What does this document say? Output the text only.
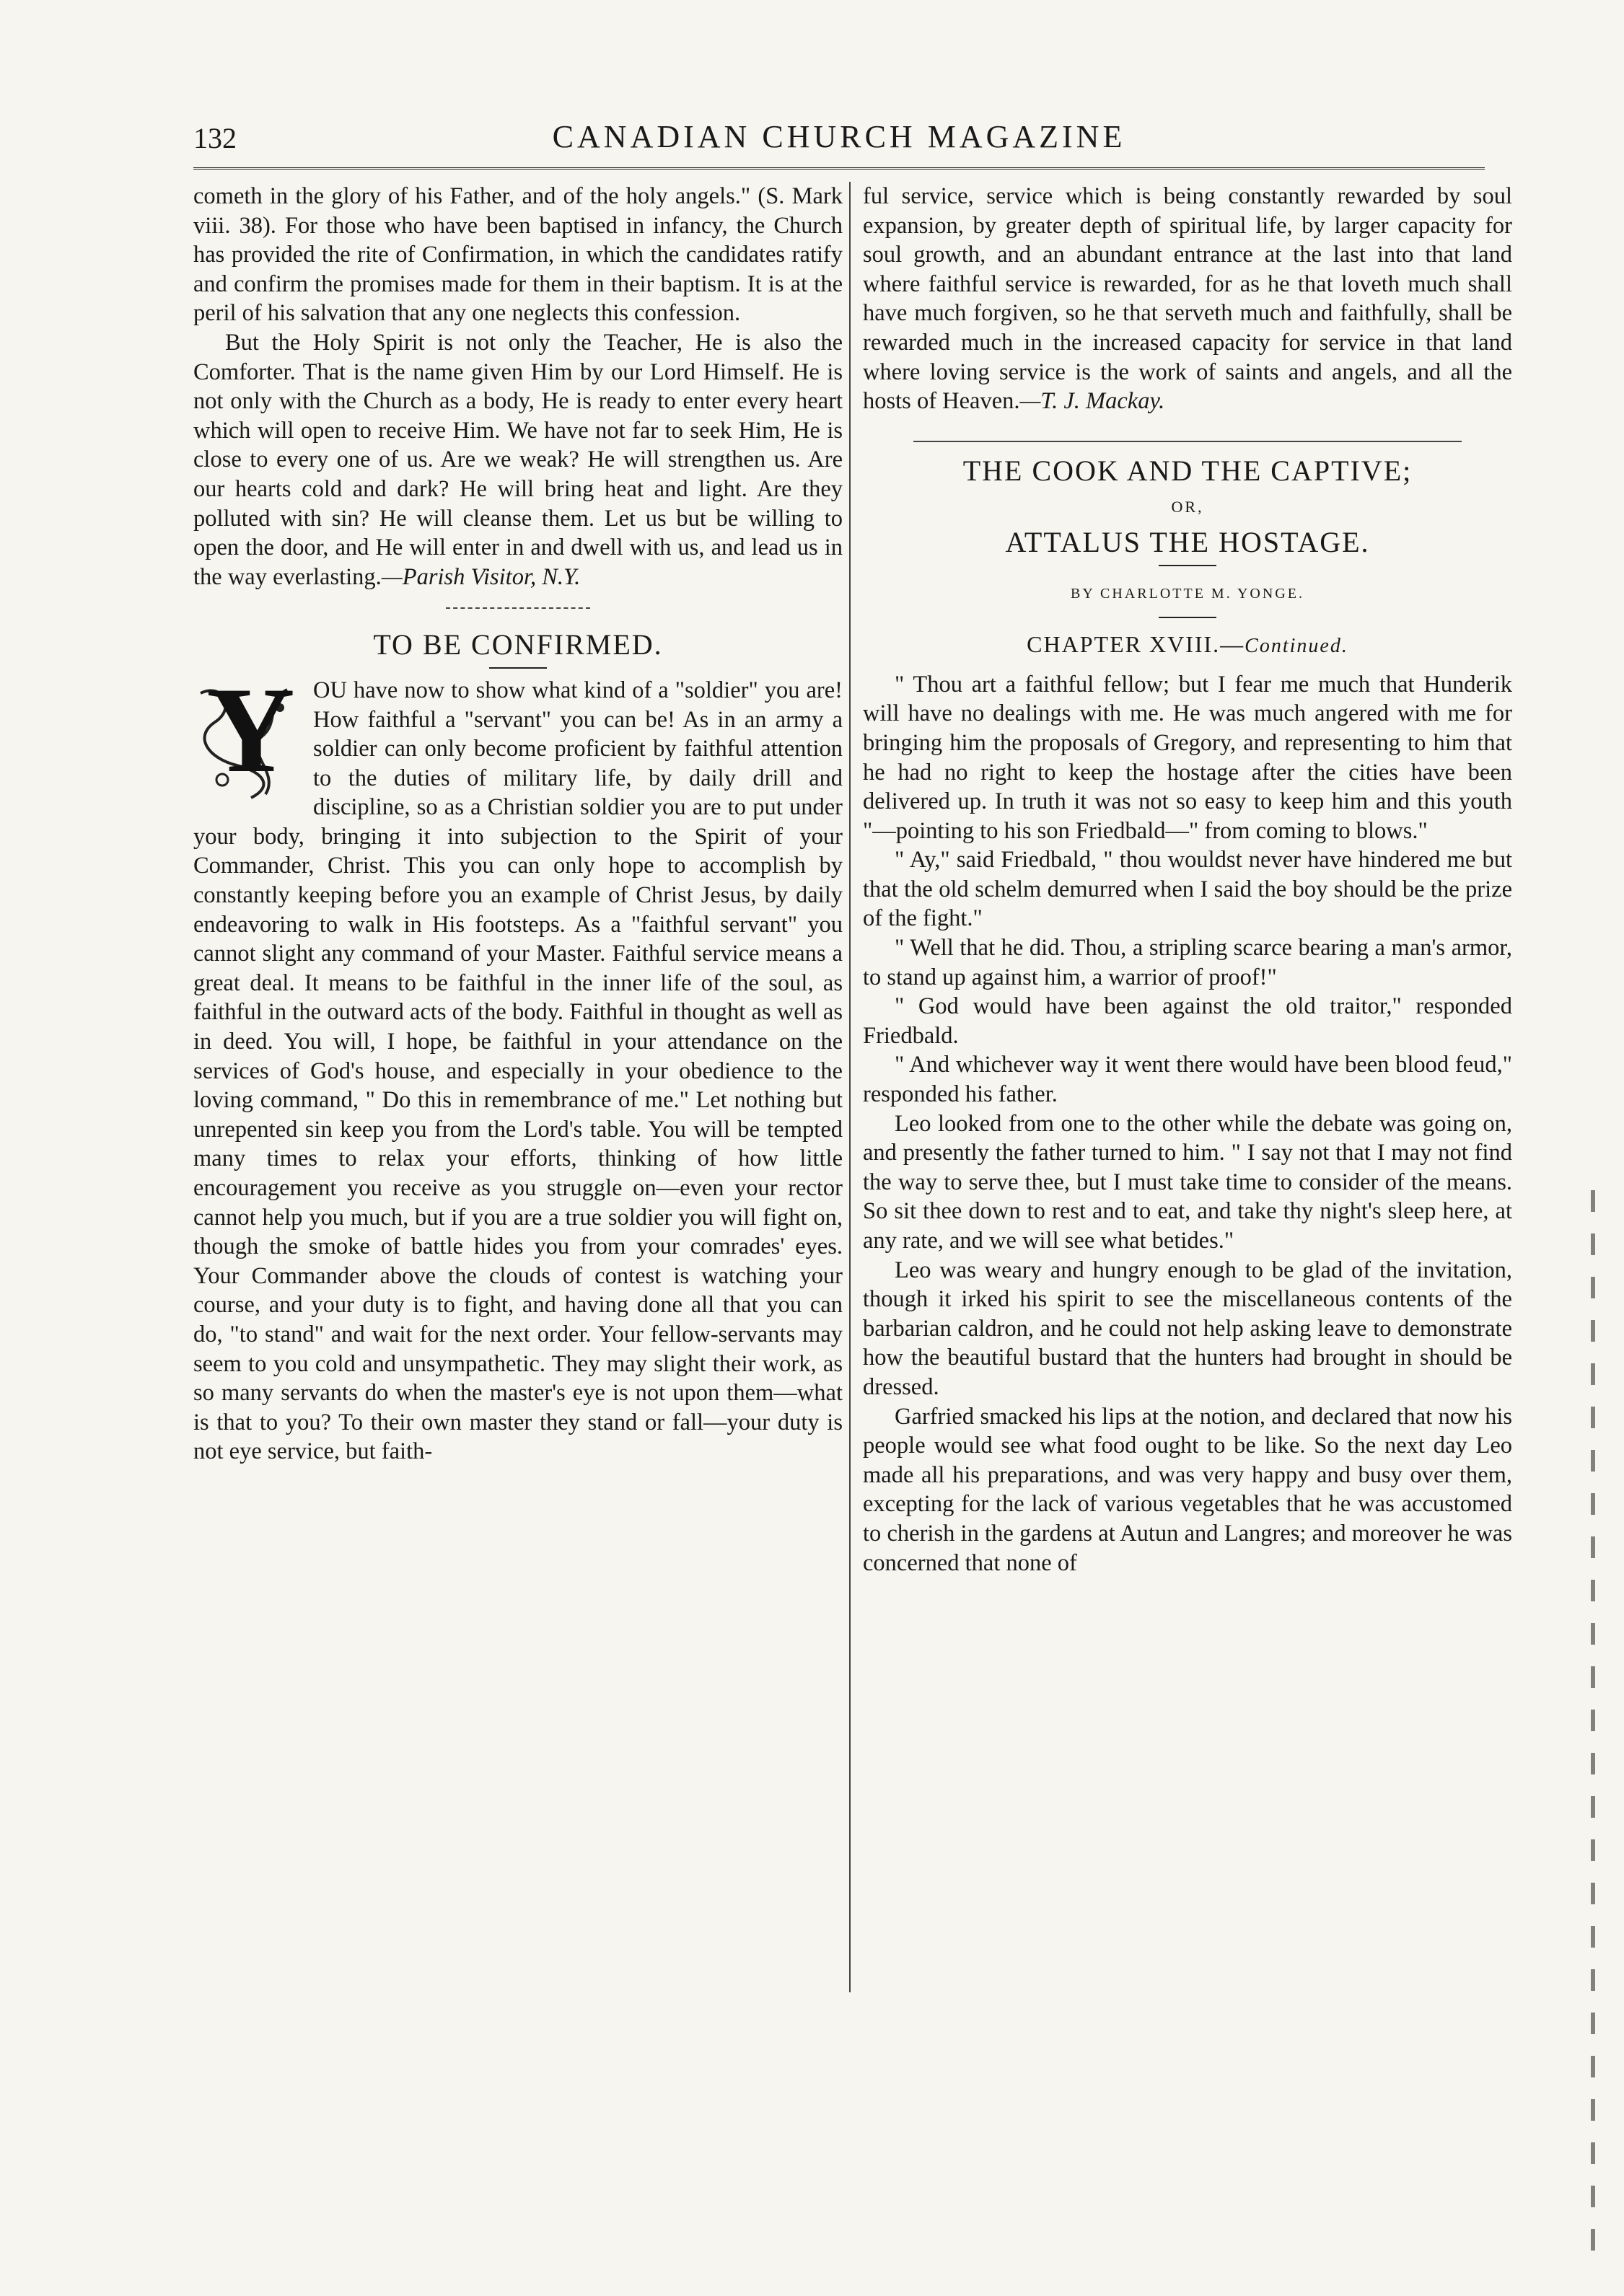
132	CANADIAN CHURCH MAGAZINE

cometh in the glory of his Father, and of the holy angels." (S. Mark viii. 38). For those who have been baptised in infancy, the Church has provided the rite of Confirmation, in which the candidates ratify and confirm the promises made for them in their baptism. It is at the peril of his salvation that any one neglects this confession.

But the Holy Spirit is not only the Teacher, He is also the Comforter. That is the name given Him by our Lord Himself. He is not only with the Church as a body, He is ready to enter every heart which will open to receive Him. We have not far to seek Him, He is close to every one of us. Are we weak? He will strengthen us. Are our hearts cold and dark? He will bring heat and light. Are they polluted with sin? He will cleanse them. Let us but be willing to open the door, and He will enter in and dwell with us, and lead us in the way everlasting.—Parish Visitor, N.Y.

TO BE CONFIRMED.

Y OU have now to show what kind of a "soldier" you are! How faithful a "servant" you can be! As in an army a soldier can only become proficient by faithful attention to the duties of military life, by daily drill and discipline, so as a Christian soldier you are to put under your body, bringing it into subjection to the Spirit of your Commander, Christ. This you can only hope to accomplish by constantly keeping before you an example of Christ Jesus, by daily endeavoring to walk in His footsteps. As a "faithful servant" you cannot slight any command of your Master. Faithful service means a great deal. It means to be faithful in the inner life of the soul, as faithful in the outward acts of the body. Faithful in thought as well as in deed. You will, I hope, be faithful in your attendance on the services of God's house, and especially in your obedience to the loving command, " Do this in remembrance of me." Let nothing but unrepented sin keep you from the Lord's table. You will be tempted many times to relax your efforts, thinking of how little encouragement you receive as you struggle on—even your rector cannot help you much, but if you are a true soldier you will fight on, though the smoke of battle hides you from your comrades' eyes. Your Commander above the clouds of contest is watching your course, and your duty is to fight, and having done all that you can do, "to stand" and wait for the next order. Your fellow-servants may seem to you cold and unsympathetic. They may slight their work, as so many servants do when the master's eye is not upon them—what is that to you? To their own master they stand or fall—your duty is not eye service, but faith-

ful service, service which is being constantly rewarded by soul expansion, by greater depth of spiritual life, by larger capacity for soul growth, and an abundant entrance at the last into that land where faithful service is rewarded, for as he that loveth much shall have much forgiven, so he that serveth much and faithfully, shall be rewarded much in the increased capacity for service in that land where loving service is the work of saints and angels, and all the hosts of Heaven.—T. J. Mackay.

THE COOK AND THE CAPTIVE;
OR,
ATTALUS THE HOSTAGE.
BY CHARLOTTE M. YONGE.
CHAPTER XVIII.—Continued.

" Thou art a faithful fellow; but I fear me much that Hunderik will have no dealings with me. He was much angered with me for bringing him the proposals of Gregory, and representing to him that he had no right to keep the hostage after the cities have been delivered up. In truth it was not so easy to keep him and this youth "—pointing to his son Friedbald—" from coming to blows."

" Ay," said Friedbald, " thou wouldst never have hindered me but that the old schelm demurred when I said the boy should be the prize of the fight."

" Well that he did. Thou, a stripling scarce bearing a man's armor, to stand up against him, a warrior of proof!"

" God would have been against the old traitor," responded Friedbald.

" And whichever way it went there would have been blood feud," responded his father.

Leo looked from one to the other while the debate was going on, and presently the father turned to him. " I say not that I may not find the way to serve thee, but I must take time to consider of the means. So sit thee down to rest and to eat, and take thy night's sleep here, at any rate, and we will see what betides."

Leo was weary and hungry enough to be glad of the invitation, though it irked his spirit to see the miscellaneous contents of the barbarian caldron, and he could not help asking leave to demonstrate how the beautiful bustard that the hunters had brought in should be dressed.

Garfried smacked his lips at the notion, and declared that now his people would see what food ought to be like. So the next day Leo made all his preparations, and was very happy and busy over them, excepting for the lack of various vegetables that he was accustomed to cherish in the gardens at Autun and Langres; and moreover he was concerned that none of
